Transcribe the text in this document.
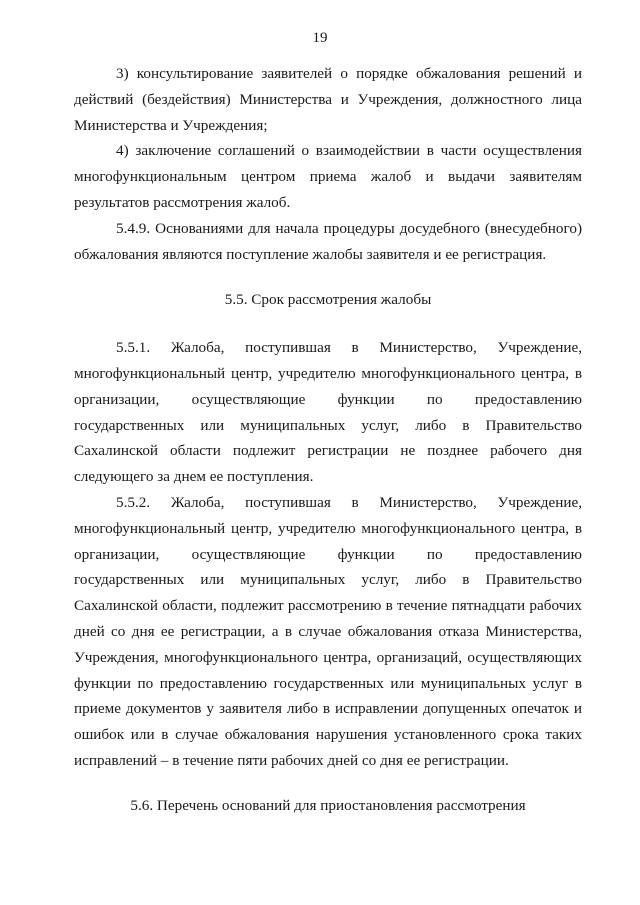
19

3) консультирование заявителей о порядке обжалования решений и действий (бездействия) Министерства и Учреждения, должностного лица Министерства и Учреждения;

4) заключение соглашений о взаимодействии в части осуществления многофункциональным центром приема жалоб и выдачи заявителям результатов рассмотрения жалоб.

5.4.9. Основаниями для начала процедуры досудебного (внесудебного) обжалования являются поступление жалобы заявителя и ее регистрация.

5.5. Срок рассмотрения жалобы

5.5.1. Жалоба, поступившая в Министерство, Учреждение, многофункциональный центр, учредителю многофункционального центра, в организации, осуществляющие функции по предоставлению государственных или муниципальных услуг, либо в Правительство Сахалинской области подлежит регистрации не позднее рабочего дня следующего за днем ее поступления.

5.5.2. Жалоба, поступившая в Министерство, Учреждение, многофункциональный центр, учредителю многофункционального центра, в организации, осуществляющие функции по предоставлению государственных или муниципальных услуг, либо в Правительство Сахалинской области, подлежит рассмотрению в течение пятнадцати рабочих дней со дня ее регистрации, а в случае обжалования отказа Министерства, Учреждения, многофункционального центра, организаций, осуществляющих функции по предоставлению государственных или муниципальных услуг в приеме документов у заявителя либо в исправлении допущенных опечаток и ошибок или в случае обжалования нарушения установленного срока таких исправлений – в течение пяти рабочих дней со дня ее регистрации.

5.6. Перечень оснований для приостановления рассмотрения
